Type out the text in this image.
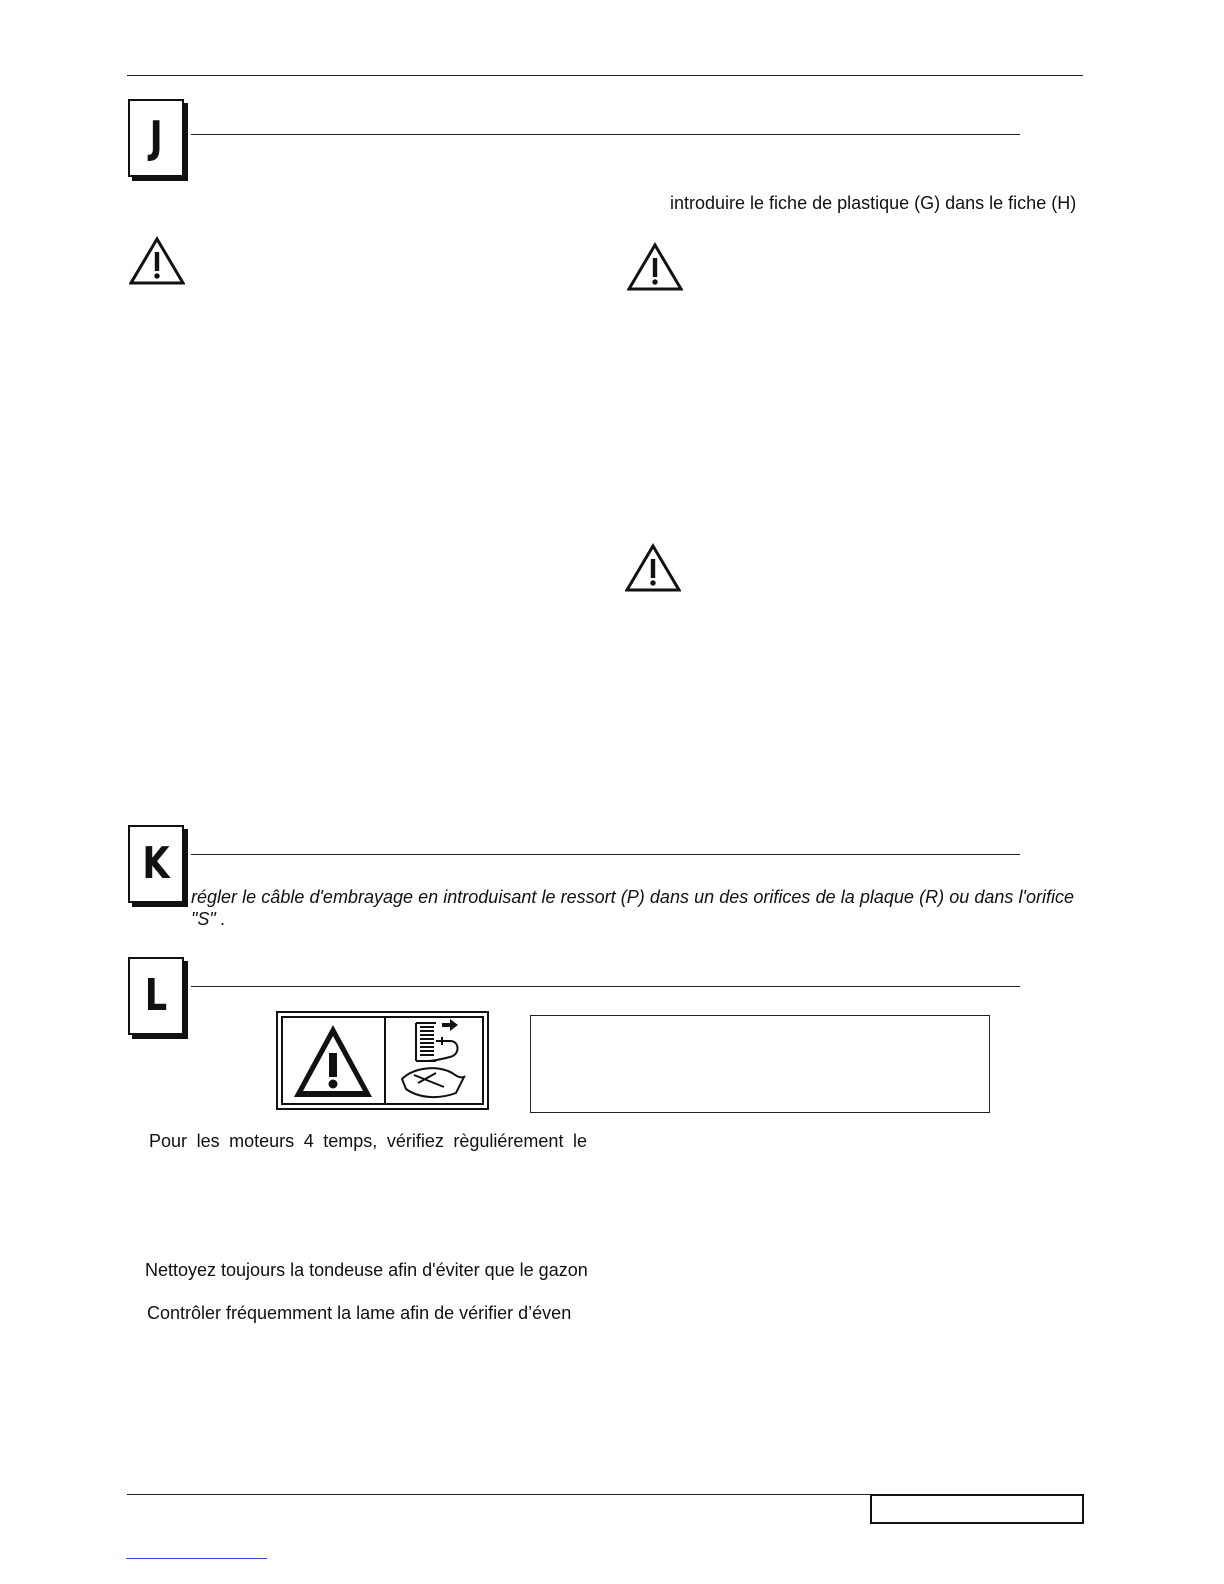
J
introduire le fiche de plastique (G) dans le fiche (H)
K
régler le câble d'embrayage en introduisant le ressort (P) dans un des orifices de la plaque (R) ou dans l'orifice "S" .
L
Pour les moteurs 4 temps, vérifiez règuliérement le
Nettoyez toujours la tondeuse afin d'éviter que le gazon
Contrôler fréquemment la lame afin de vérifier d’éven
